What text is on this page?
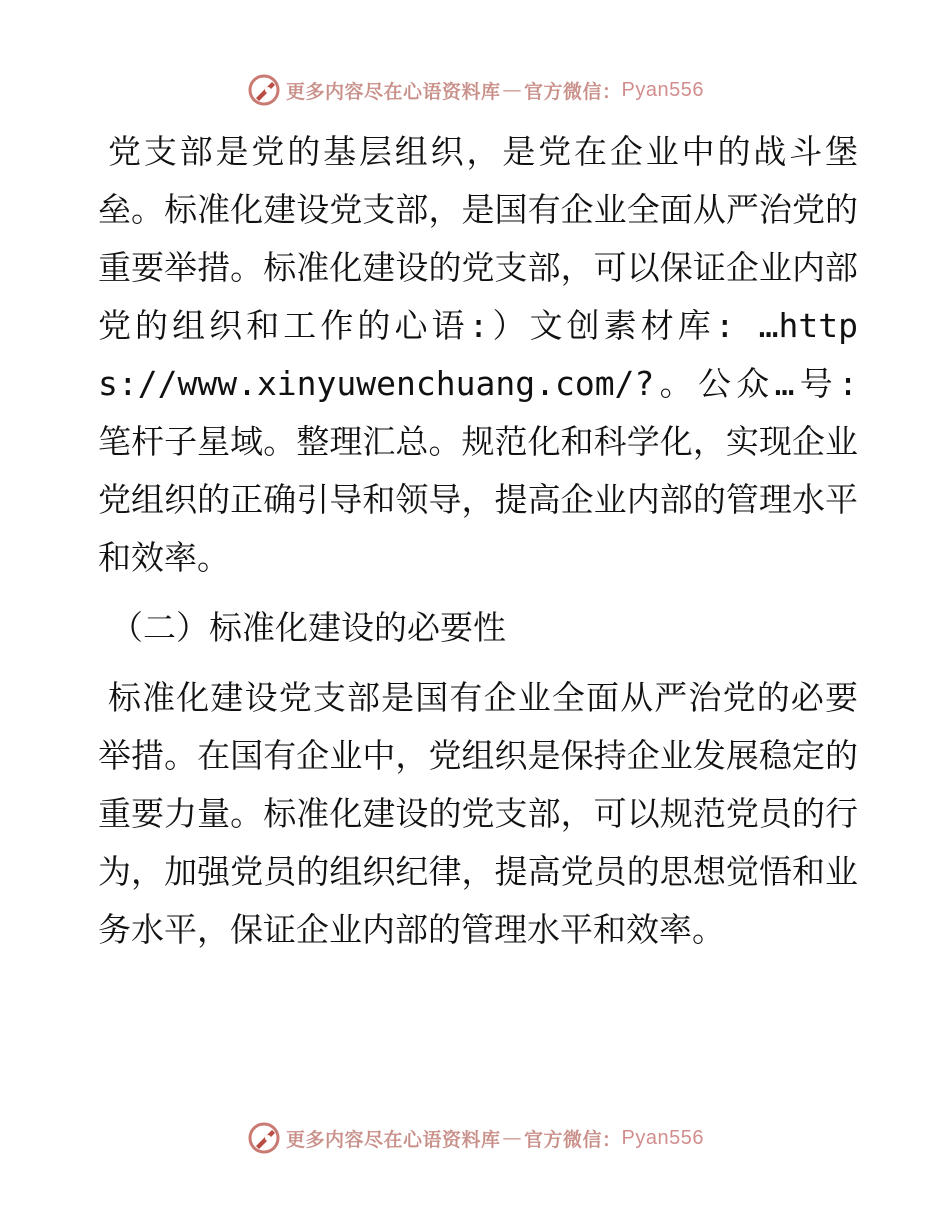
更多内容尽在心语资料库 — 官方微信： Pyan556

党支部是党的基层组织，是党在企业中的战斗堡垒。标准化建设党支部，是国有企业全面从严治党的重要举措。标准化建设的党支部，可以保证企业内部党的组织和工作的心语:）文创素材库: …https://www.xinyuwenchuang.com/?。公众…号:笔杆子星域。整理汇总。规范化和科学化，实现企业党组织的正确引导和领导，提高企业内部的管理水平和效率。

（二）标准化建设的必要性

标准化建设党支部是国有企业全面从严治党的必要举措。在国有企业中，党组织是保持企业发展稳定的重要力量。标准化建设的党支部，可以规范党员的行为，加强党员的组织纪律，提高党员的思想觉悟和业务水平，保证企业内部的管理水平和效率。

更多内容尽在心语资料库 — 官方微信： Pyan556
